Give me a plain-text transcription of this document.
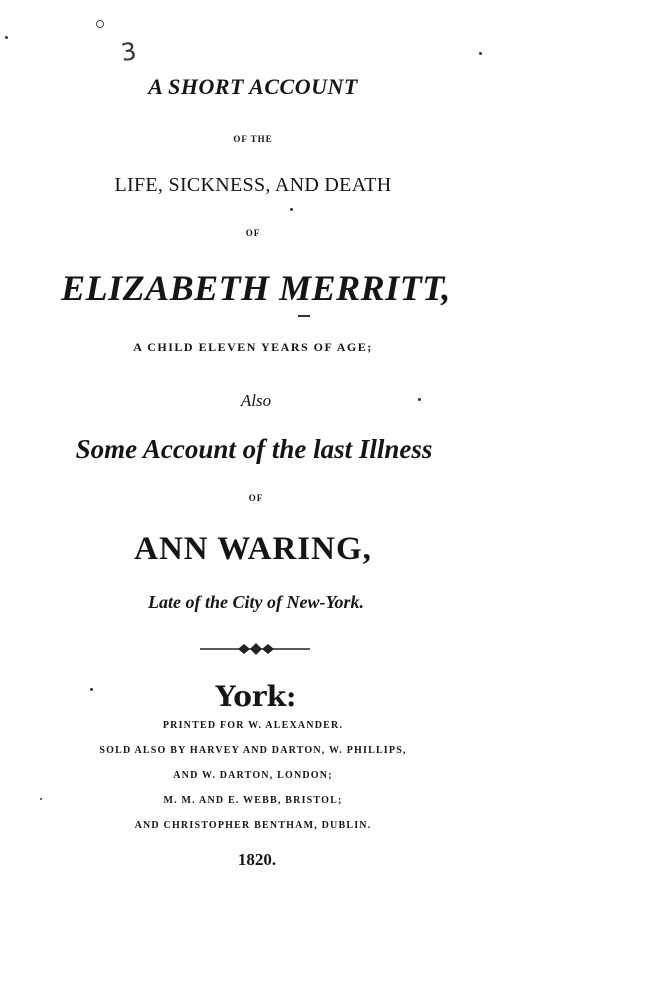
3
A SHORT ACCOUNT
OF THE
LIFE, SICKNESS, AND DEATH
OF
ELIZABETH MERRITT,
A CHILD ELEVEN YEARS OF AGE;
Also
Some Account of the last Illness
OF
ANN WARING,
Late of the City of New-York.
York:
PRINTED FOR W. ALEXANDER.
SOLD ALSO BY HARVEY AND DARTON, W. PHILLIPS,
AND W. DARTON, LONDON;
M. M. AND E. WEBB, BRISTOL;
AND CHRISTOPHER BENTHAM, DUBLIN.
1820.
